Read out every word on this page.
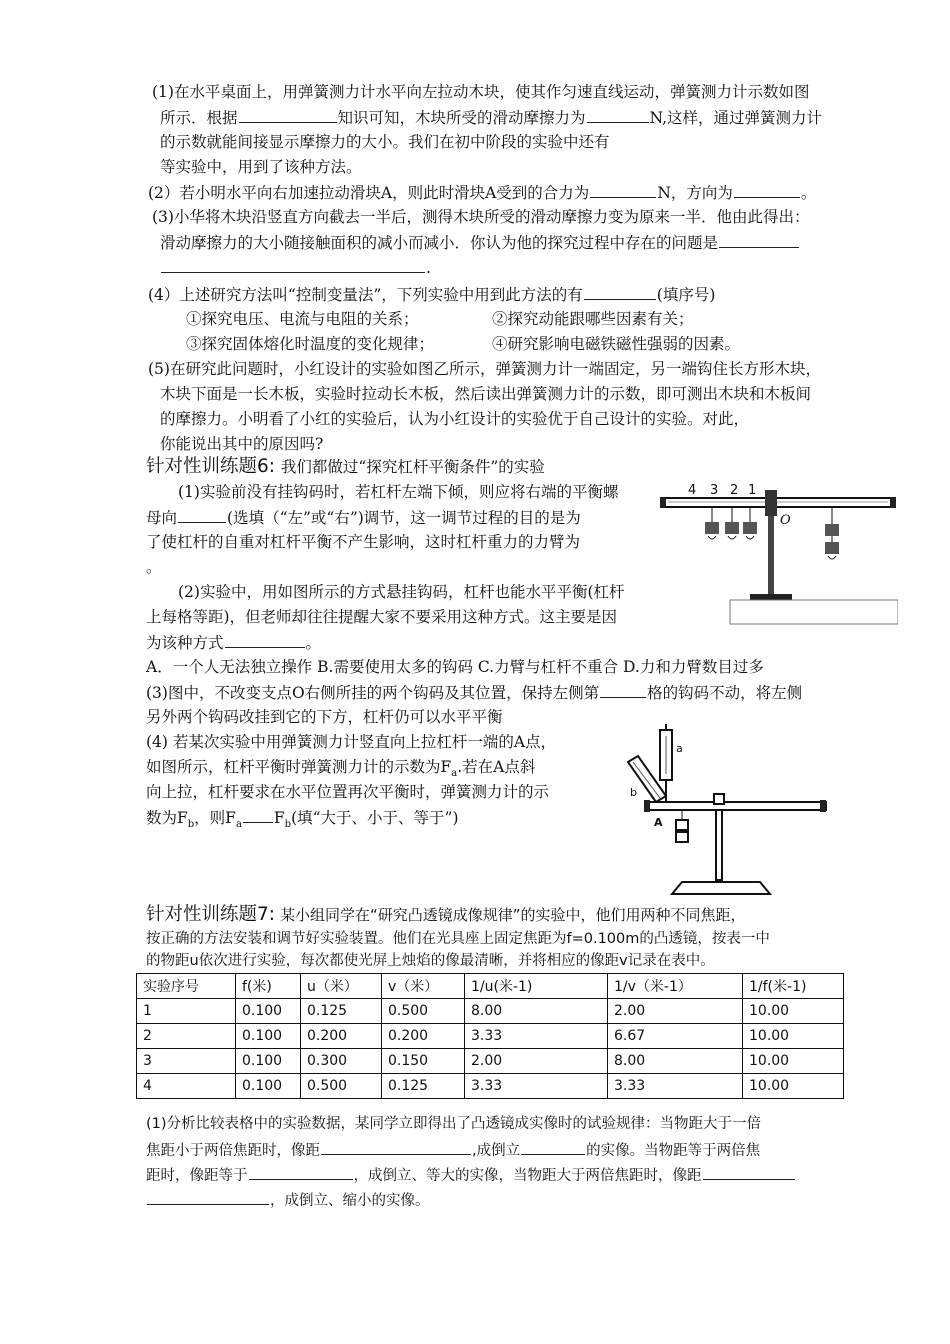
(1)在水平桌面上，用弹簧测力计水平向左拉动木块，使其作匀速直线运动，弹簧测力计示数如图
所示．根据	知识可知，木块所受的滑动摩擦力为	N,这样，通过弹簧测力计
的示数就能间接显示摩擦力的大小。我们在初中阶段的实验中还有
等实验中，用到了该种方法。
(2）若小明水平向右加速拉动滑块A，则此时滑块A受到的合力为	N，方向为	。
(3)小华将木块沿竖直方向截去一半后，测得木块所受的滑动摩擦力变为原来一半．他由此得出：
滑动摩擦力的大小随接触面积的减小而减小．你认为他的探究过程中存在的问题是
.
(4）上述研究方法叫“控制变量法”，下列实验中用到此方法的有	(填序号)
①探究电压、电流与电阻的关系；	②探究动能跟哪些因素有关；
③探究固体熔化时温度的变化规律；	④研究影响电磁铁磁性强弱的因素。
(5)在研究此问题时，小红设计的实验如图乙所示，弹簧测力计一端固定，另一端钩住长方形木块，
木块下面是一长木板，实验时拉动长木板，然后读出弹簧测力计的示数，即可测出木块和木板间
的摩擦力。小明看了小红的实验后，认为小红设计的实验优于自己设计的实验。对此，
你能说出其中的原因吗?
针对性训练题6: 我们都做过“探究杠杆平衡条件”的实验
(1)实验前没有挂钩码时，若杠杆左端下倾，则应将右端的平衡螺
母向	(选填（“左”或“右”)调节，这一调节过程的目的是为
了使杠杆的自重对杠杆平衡不产生影响，这时杠杆重力的力臂为
。
(2)实验中，用如图所示的方式悬挂钩码，杠杆也能水平平衡(杠杆
上每格等距)，但老师却往往提醒大家不要采用这种方式。这主要是因
为该种方式	。
A．一个人无法独立操作 B.需要使用太多的钩码 C.力臂与杠杆不重合 D.力和力臂数目过多
(3)图中，不改变支点O右侧所挂的两个钩码及其位置，保持左侧第	格的钩码不动，将左侧
另外两个钩码改挂到它的下方，杠杆仍可以水平平衡
(4) 若某次实验中用弹簧测力计竖直向上拉杠杆一端的A点，
如图所示，杠杆平衡时弹簧测力计的示数为$F_a$.若在A点斜
向上拉，杠杆要求在水平位置再次平衡时，弹簧测力计的示
数为$F_b$，则$F_a$ $F_b$(填“大于、小于、等于”)
O
4 3 2 1
a
b
A
针对性训练题7: 某小组同学在“研究凸透镜成像规律”的实验中，他们用两种不同焦距，
按正确的方法安装和调节好实验装置。他们在光具座上固定焦距为f=0.100m的凸透镜，按表一中
的物距u依次进行实验，每次都使光屏上烛焰的像最清晰，并将相应的像距v记录在表中。
实验序号	f(米)	u（米）	v（米）	1/u(米-1)	1/v（米-1）	1/f(米-1)
1	0.100	0.125	0.500	8.00	2.00	10.00
2	0.100	0.200	0.200	3.33	6.67	10.00
3	0.100	0.300	0.150	2.00	8.00	10.00
4	0.100	0.500	0.125	3.33	3.33	10.00
(1)分析比较表格中的实验数据，某同学立即得出了凸透镜成实像时的试验规律：当物距大于一倍
焦距小于两倍焦距时，像距	,成倒立	的实像。当物距等于两倍焦
距时，像距等于	，成倒立、等大的实像，当物距大于两倍焦距时，像距
，成倒立、缩小的实像。
